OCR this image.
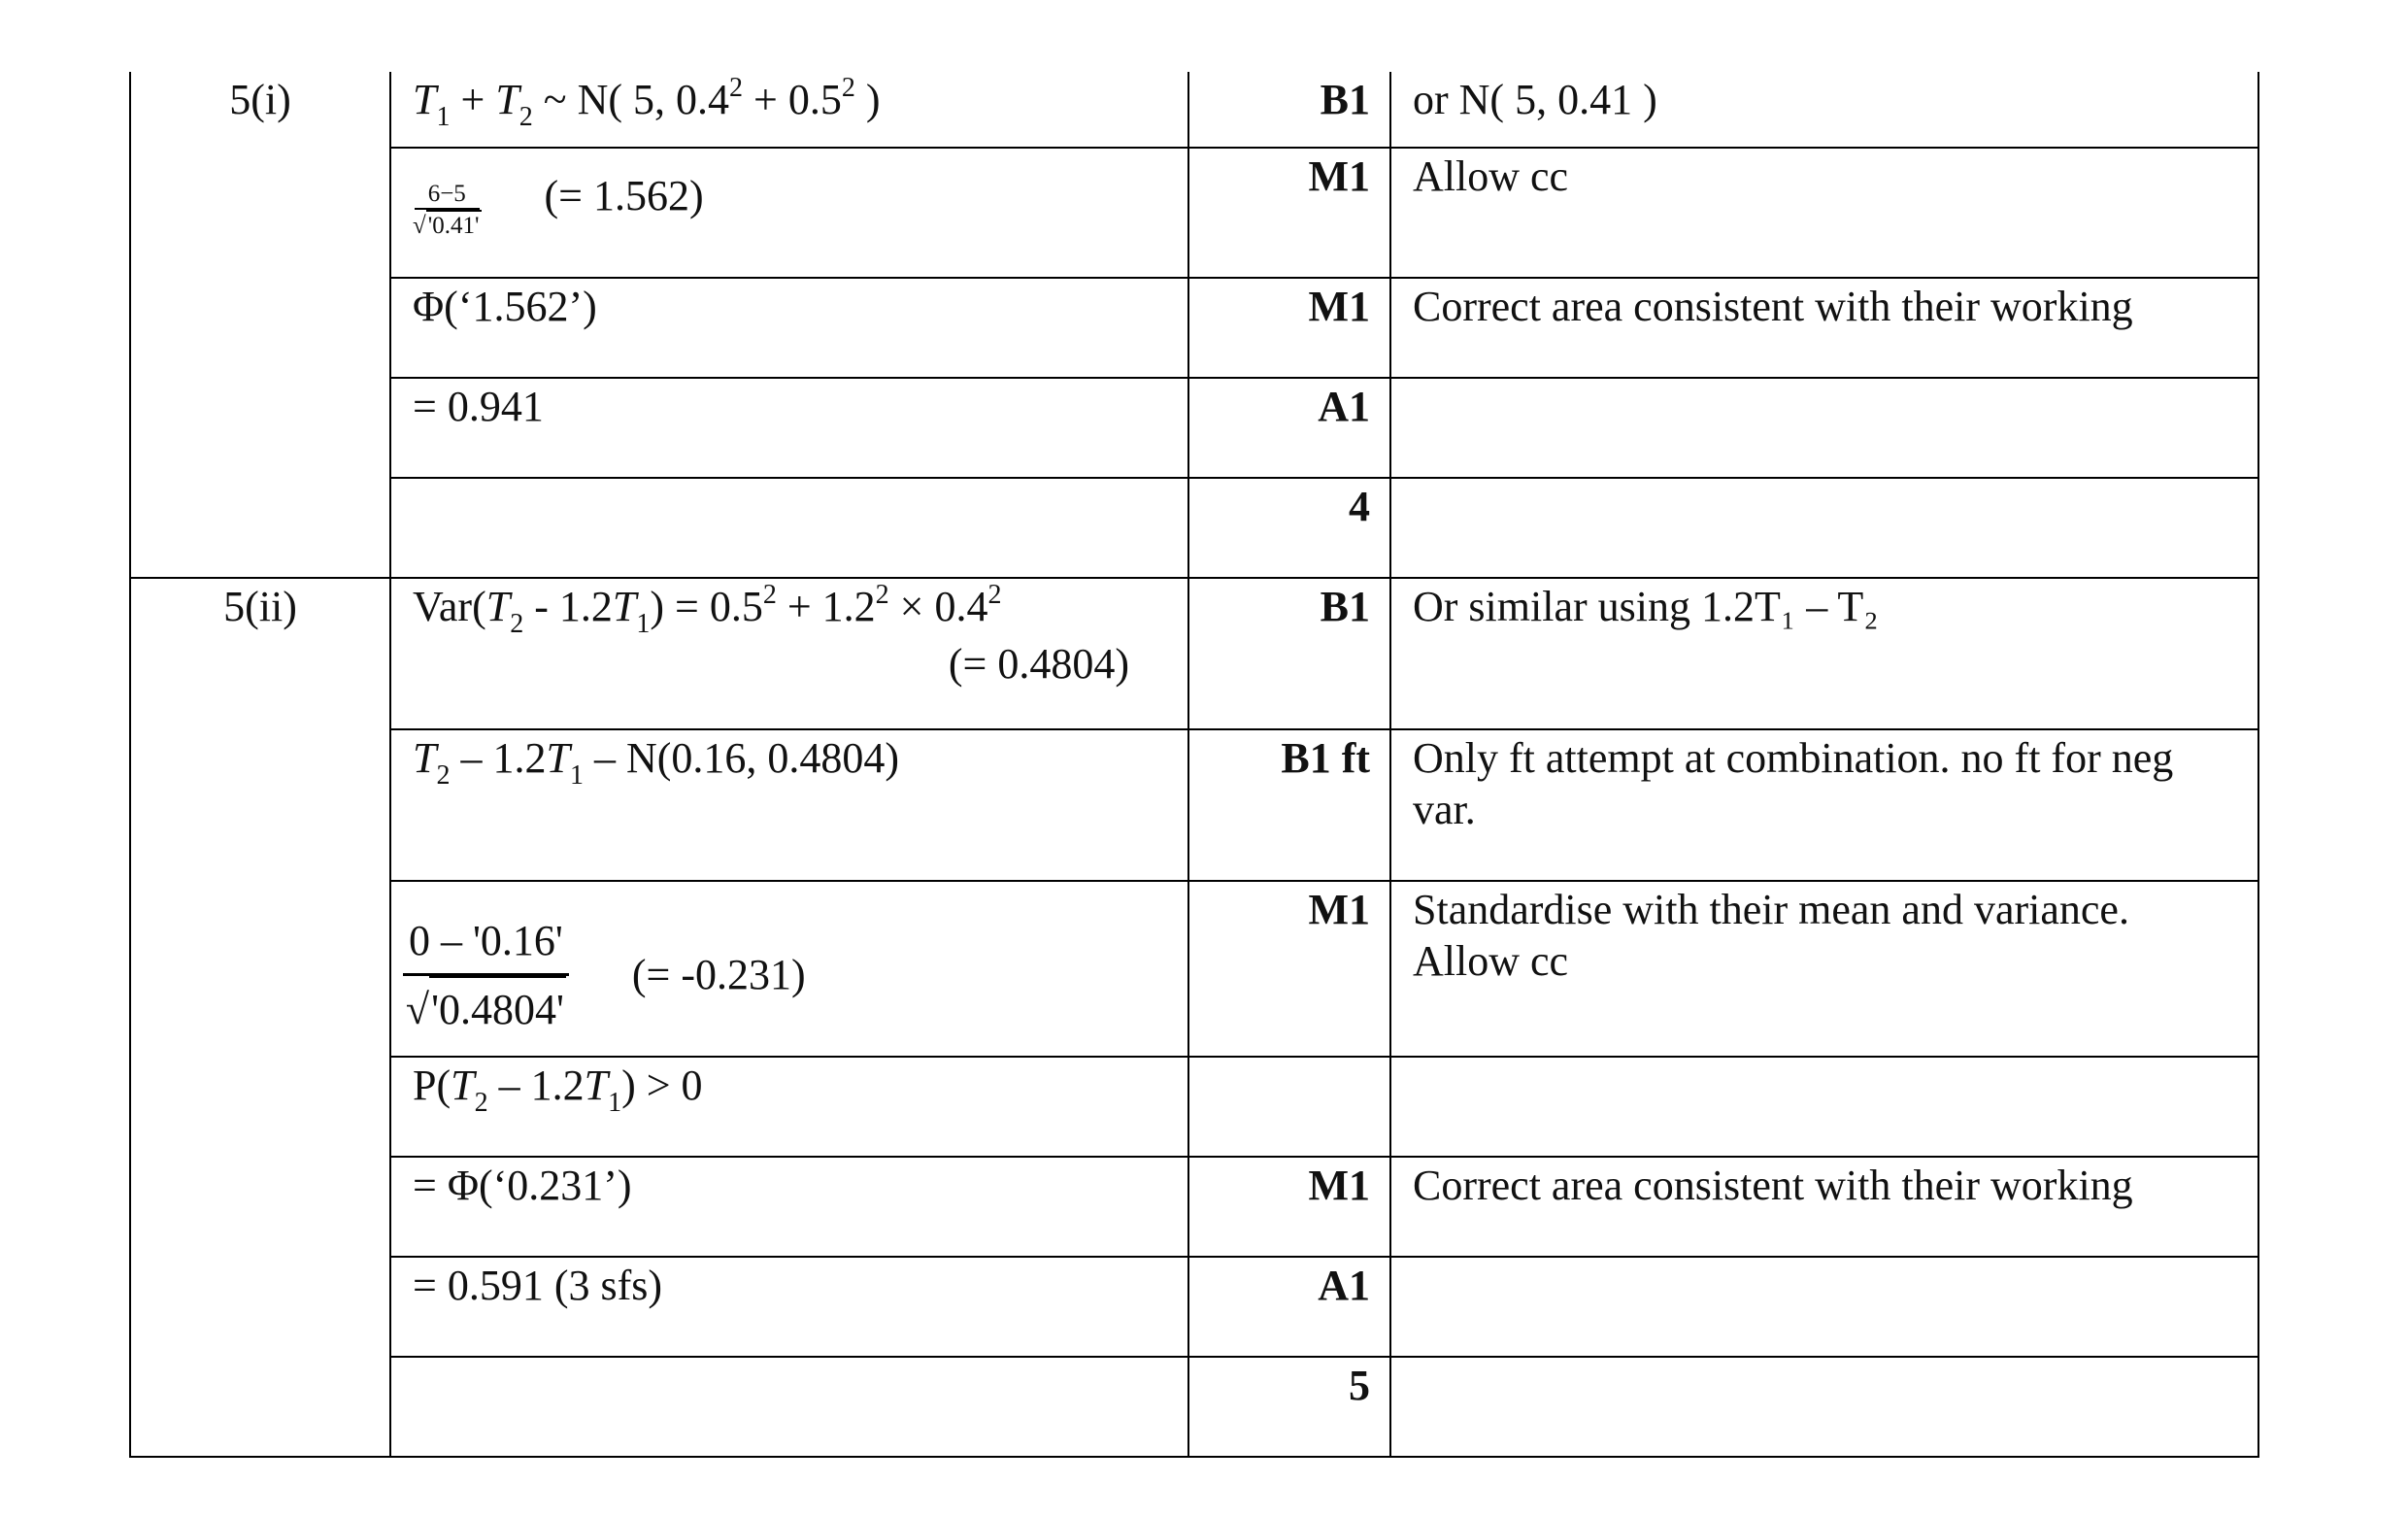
5(i)	$T_1 + T_2$ ~ N( 5, $0.4^2 + 0.5^2$ )	B1	or N( 5, 0.41 )

	$\frac{6-5}{√'0.41'}$ (= 1.562)	M1	Allow cc
	Φ(‘1.562’)	M1	Correct area consistent with their working
	= 0.941	A1	
		4	
5(ii)	$Var(T_2 - 1.2T_1) = 0.5^2 + 1.2^2 \times 0.4^2$
(= 0.4804)	B1	Or similar using 1.2T₁ – T₂
	$T_2 - 1.2T_1 - N(0.16$, 0.4804)	B1 ft	Only ft attempt at combination. no ft for neg var.

	$\frac{0 - '0.16'}{√'0.4804'}$ (= -0.231)	M1	Standardise with their mean and variance. Allow cc
	$P(T_2 - 1.2T_1) > 0$		
	= Φ(‘0.231’)	M1	Correct area consistent with their working
	= 0.591 (3 sfs)	A1	
		5	
